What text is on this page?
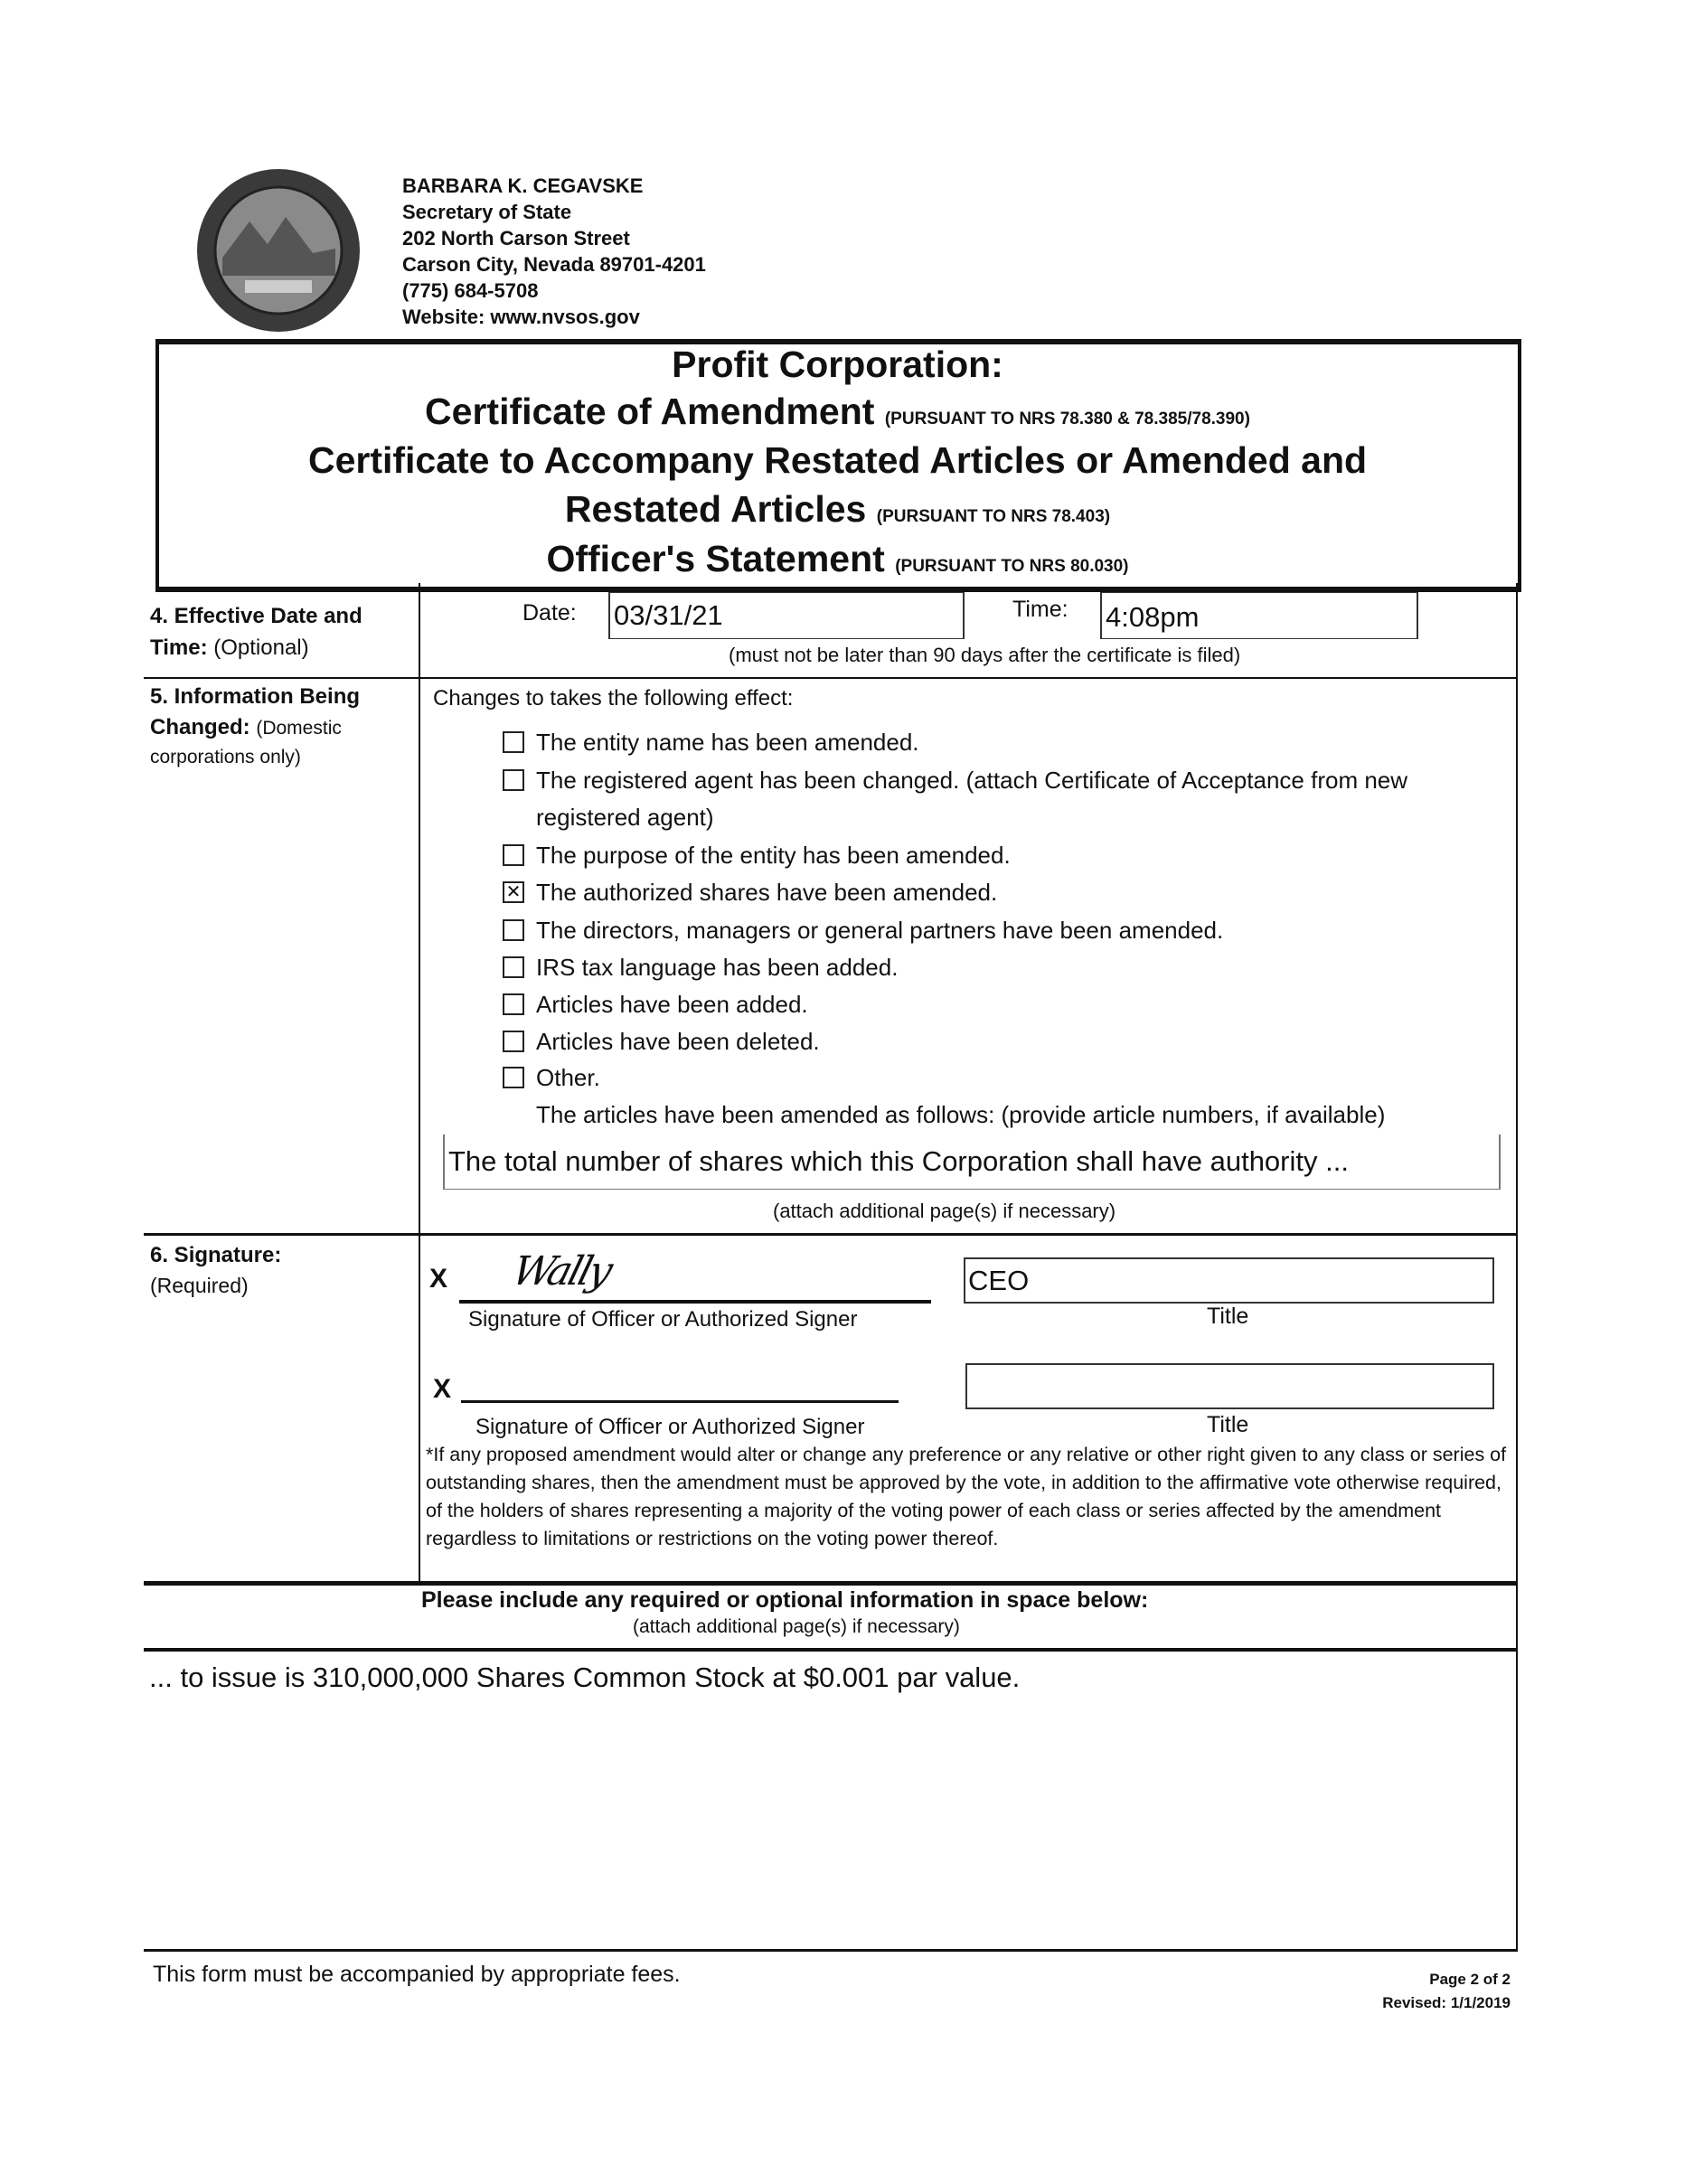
BARBARA K. CEGAVSKE
Secretary of State
202 North Carson Street
Carson City, Nevada 89701-4201
(775) 684-5708
Website: www.nvsos.gov
Profit Corporation:
Certificate of Amendment (PURSUANT TO NRS 78.380 & 78.385/78.390)
Certificate to Accompany Restated Articles or Amended and
Restated Articles (PURSUANT TO NRS 78.403)
Officer's Statement (PURSUANT TO NRS 80.030)
4. Effective Date and
Time: (Optional)
Date: 03/31/21	Time: 4:08pm
(must not be later than 90 days after the certificate is filed)
5. Information Being
Changed: (Domestic
corporations only)
Changes to takes the following effect:
The entity name has been amended.
The registered agent has been changed. (attach Certificate of Acceptance from new
registered agent)
The purpose of the entity has been amended.
✕ The authorized shares have been amended.
The directors, managers or general partners have been amended.
IRS tax language has been added.
Articles have been added.
Articles have been deleted.
Other.
The articles have been amended as follows: (provide article numbers, if available)
The total number of shares which this Corporation shall have authority ...
(attach additional page(s) if necessary)
6. Signature:
(Required)	X Wally	CEO
Signature of Officer or Authorized Signer	Title
X
Signature of Officer or Authorized Signer	Title
*If any proposed amendment would alter or change any preference or any relative or other right given to any class or series of outstanding shares, then the amendment must be approved by the vote, in addition to the affirmative vote otherwise required, of the holders of shares representing a majority of the voting power of each class or series affected by the amendment regardless to limitations or restrictions on the voting power thereof.
Please include any required or optional information in space below:
(attach additional page(s) if necessary)
... to issue is 310,000,000 Shares Common Stock at $0.001 par value.
This form must be accompanied by appropriate fees.	Page 2 of 2
Revised: 1/1/2019
